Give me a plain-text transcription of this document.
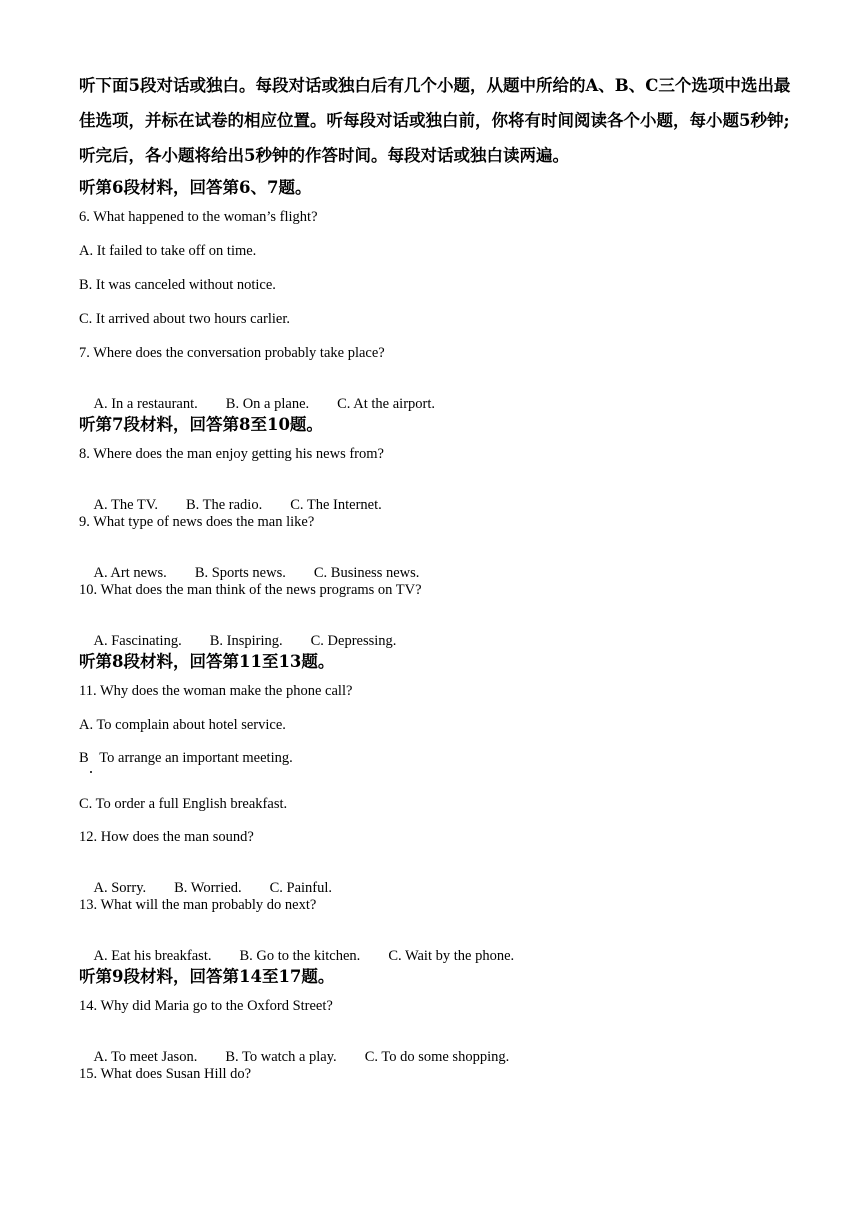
听下面5段对话或独白。每段对话或独白后有几个小题，从题中所给的A、B、C三个选项中选出最佳选项，并标在试卷的相应位置。听每段对话或独白前，你将有时间阅读各个小题，每小题5秒钟;听完后，各小题将给出5秒钟的作答时间。每段对话或独白读两遍。
听第6段材料，回答第6、7题。
6. What happened to the woman’s flight?
A. It failed to take off on time.
B. It was canceled without notice.
C. It arrived about two hours carlier.
7. Where does the conversation probably take place?

A. In a restaurant. B. On a plane. C. At the airport.

听第7段材料，回答第8至10题。
8. Where does the man enjoy getting his news from?

A. The TV. B. The radio. C. The Internet.

9. What type of news does the man like?

A. Art news. B. Sports news. C. Business news.

10. What does the man think of the news programs on TV?

A. Fascinating. B. Inspiring. C. Depressing.

听第8段材料，回答第11至13题。
11. Why does the woman make the phone call?
A. To complain about hotel service.
B   To arrange an important meeting.
C. To order a full English breakfast.
12. How does the man sound?

A. Sorry. B. Worried. C. Painful.

13. What will the man probably do next?

A. Eat his breakfast. B. Go to the kitchen. C. Wait by the phone.

听第9段材料，回答第14至17题。
14. Why did Maria go to the Oxford Street?

A. To meet Jason. B. To watch a play. C. To do some shopping.

15. What does Susan Hill do?
